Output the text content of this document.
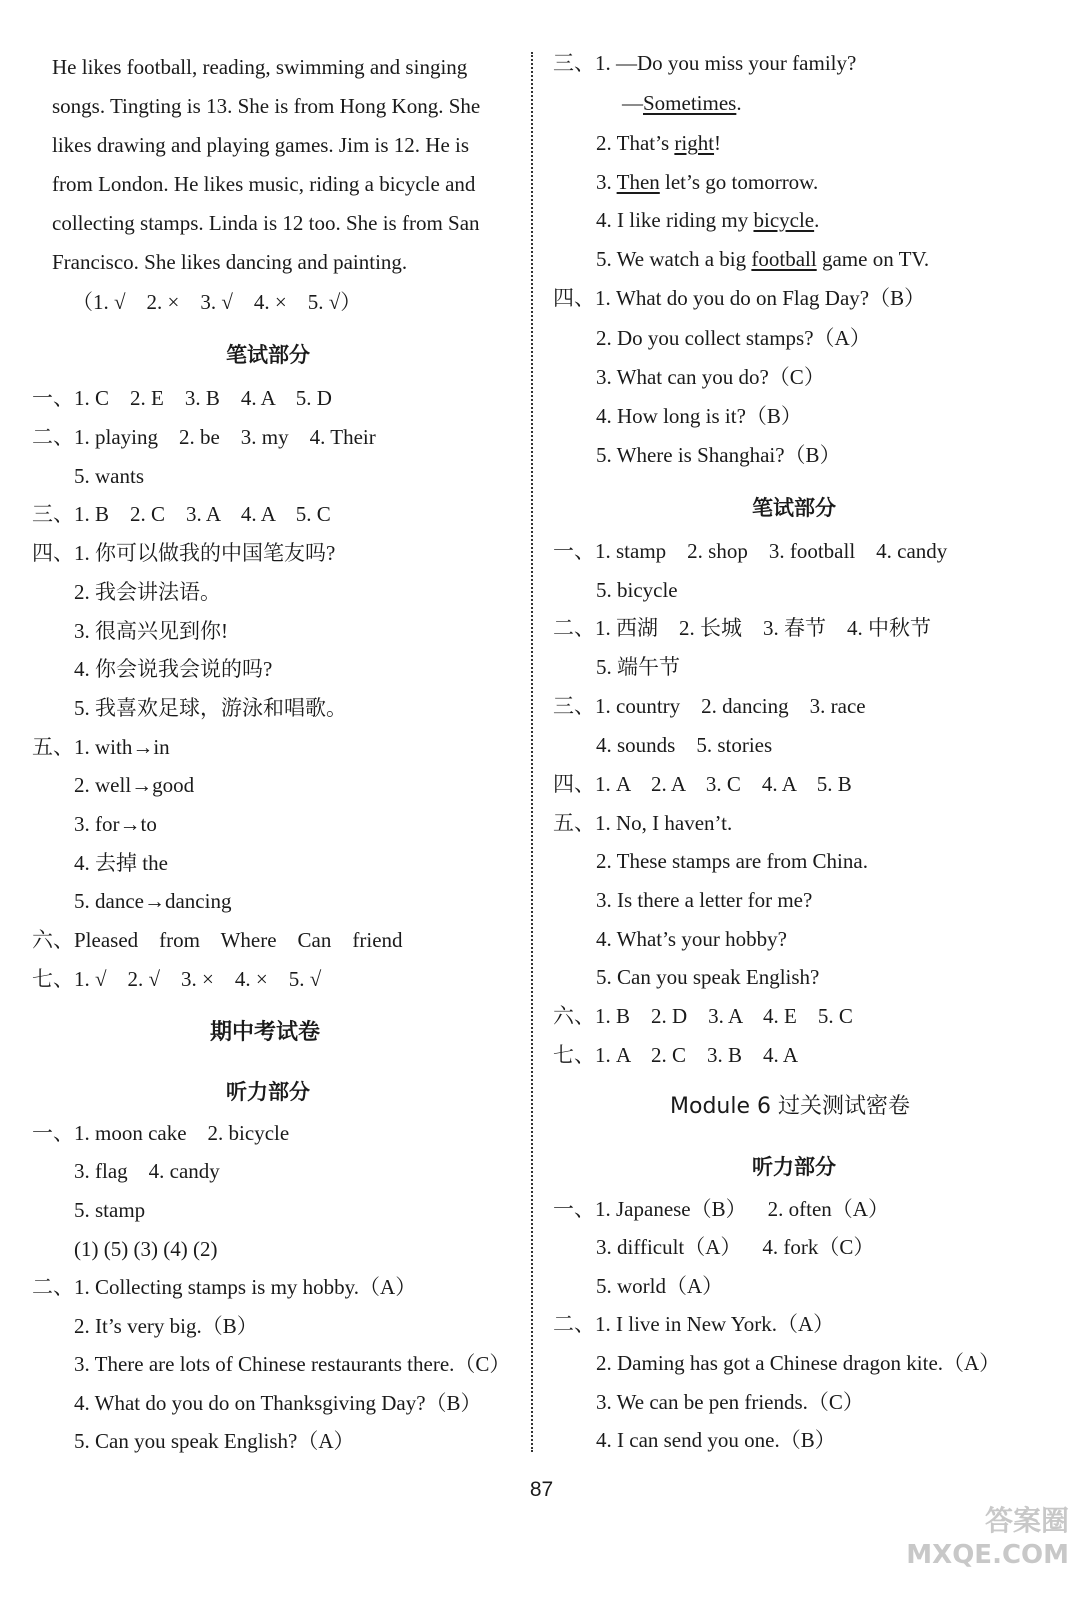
He likes football, reading, swimming and singing songs. Tingting is 13. She is from Hong Kong. She likes drawing and playing games. Jim is 12. He is from London. He likes music, riding a bicycle and collecting stamps. Linda is 12 too. She is from San Francisco. She likes dancing and painting.
（1. √    2. ×    3. √    4. ×    5. √）
笔试部分
一、1. C    2. E    3. B    4. A    5. D
二、1. playing    2. be    3. my    4. Their
5. wants
三、1. B    2. C    3. A    4. A    5. C
四、1. 你可以做我的中国笔友吗?
2. 我会讲法语。
3. 很高兴见到你!
4. 你会说我会说的吗?
5. 我喜欢足球，游泳和唱歌。
五、1. with→in
2. well→good
3. for→to
4. 去掉 the
5. dance→dancing
六、Pleased    from    Where    Can    friend
七、1. √    2. √    3. ×    4. ×    5. √
期中考试卷
听力部分
一、1. moon cake    2. bicycle
3. flag    4. candy
5. stamp
(1) (5) (3) (4) (2)
二、1. Collecting stamps is my hobby.（A）
2. It’s very big.（B）
3. There are lots of Chinese restaurants there.（C）
4. What do you do on Thanksgiving Day?（B）
5. Can you speak English?（A）
三、1. —Do you miss your family?
—Sometimes.
2. That’s right!
3. Then let’s go tomorrow.
4. I like riding my bicycle.
5. We watch a big football game on TV.
四、1. What do you do on Flag Day?（B）
2. Do you collect stamps?（A）
3. What can you do?（C）
4. How long is it?（B）
5. Where is Shanghai?（B）
笔试部分
一、1. stamp    2. shop    3. football    4. candy
5. bicycle
二、1. 西湖    2. 长城    3. 春节    4. 中秋节
5. 端午节
三、1. country    2. dancing    3. race
4. sounds    5. stories
四、1. A    2. A    3. C    4. A    5. B
五、1. No, I haven’t.
2. These stamps are from China.
3. Is there a letter for me?
4. What’s your hobby?
5. Can you speak English?
六、1. B    2. D    3. A    4. E    5. C
七、1. A    2. C    3. B    4. A
Module 6 过关测试密卷
听力部分
一、1. Japanese（B）    2. often（A）
3. difficult（A）    4. fork（C）
5. world（A）
二、1. I live in New York.（A）
2. Daming has got a Chinese dragon kite.（A）
3. We can be pen friends.（C）
4. I can send you one.（B）
87
答案圈
MXQE.COM
